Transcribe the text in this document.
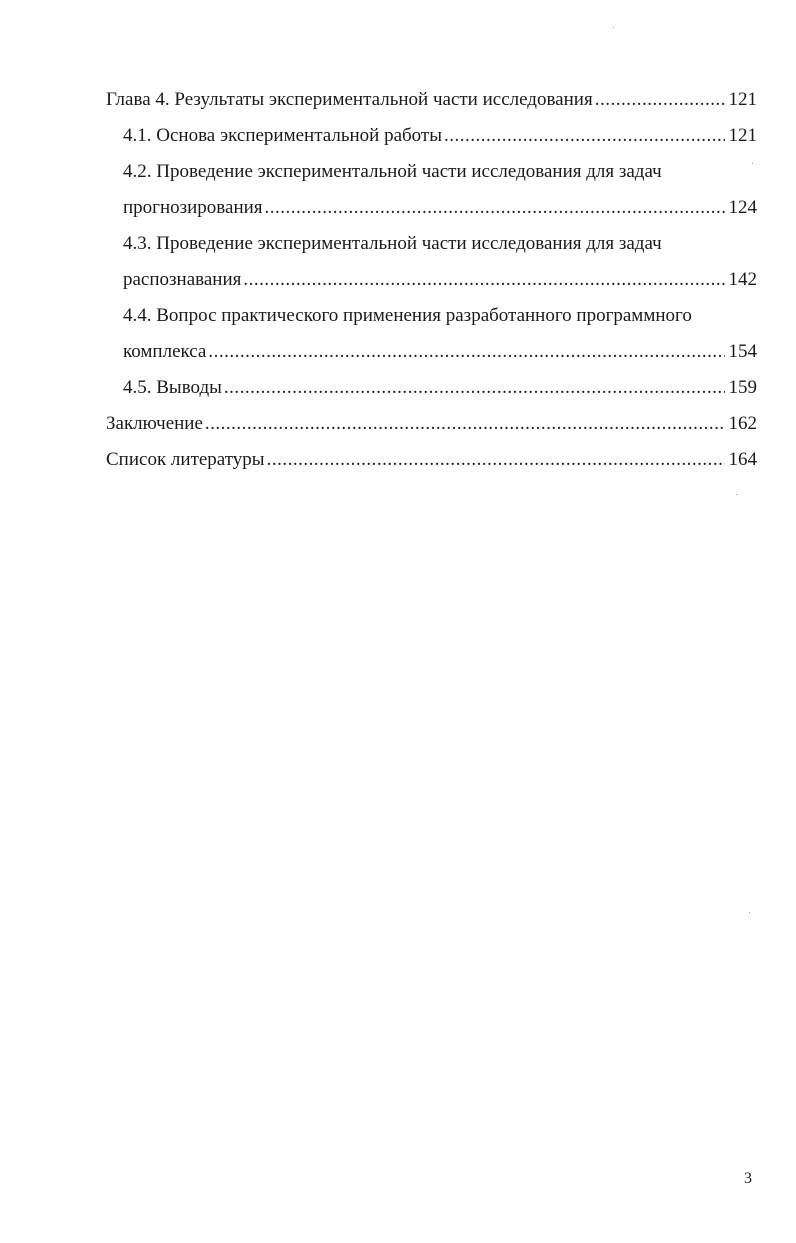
Глава 4. Результаты экспериментальной части исследования .....	121
4.1. Основа экспериментальной работы .....	121
4.2. Проведение экспериментальной части исследования для задач
прогнозирования .....	124
4.3. Проведение экспериментальной части исследования для задач
распознавания .....	142
4.4. Вопрос практического применения разработанного программного
комплекса .....	154
4.5. Выводы .....	159
Заключение .....	162
Список литературы .....	164
3
